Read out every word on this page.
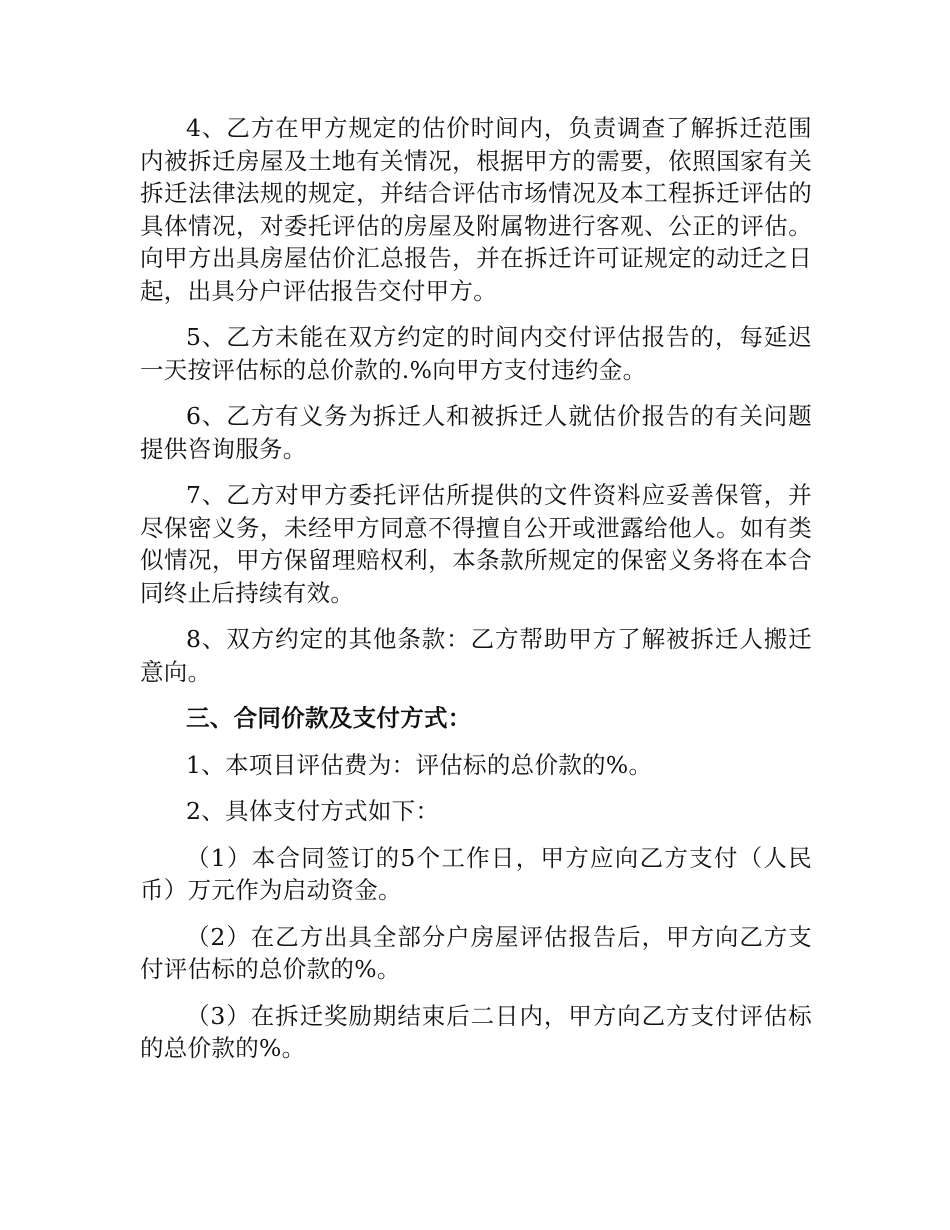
4、乙方在甲方规定的估价时间内，负责调查了解拆迁范围内被拆迁房屋及土地有关情况，根据甲方的需要，依照国家有关拆迁法律法规的规定，并结合评估市场情况及本工程拆迁评估的具体情况，对委托评估的房屋及附属物进行客观、公正的评估。向甲方出具房屋估价汇总报告，并在拆迁许可证规定的动迁之日起，出具分户评估报告交付甲方。

5、乙方未能在双方约定的时间内交付评估报告的，每延迟一天按评估标的总价款的.%向甲方支付违约金。

6、乙方有义务为拆迁人和被拆迁人就估价报告的有关问题提供咨询服务。

7、乙方对甲方委托评估所提供的文件资料应妥善保管，并尽保密义务，未经甲方同意不得擅自公开或泄露给他人。如有类似情况，甲方保留理赔权利，本条款所规定的保密义务将在本合同终止后持续有效。

8、双方约定的其他条款：乙方帮助甲方了解被拆迁人搬迁意向。

三、合同价款及支付方式：

1、本项目评估费为：评估标的总价款的%。

2、具体支付方式如下：

（1）本合同签订的5个工作日，甲方应向乙方支付（人民币）万元作为启动资金。

（2）在乙方出具全部分户房屋评估报告后，甲方向乙方支付评估标的总价款的%。

（3）在拆迁奖励期结束后二日内，甲方向乙方支付评估标的总价款的%。
